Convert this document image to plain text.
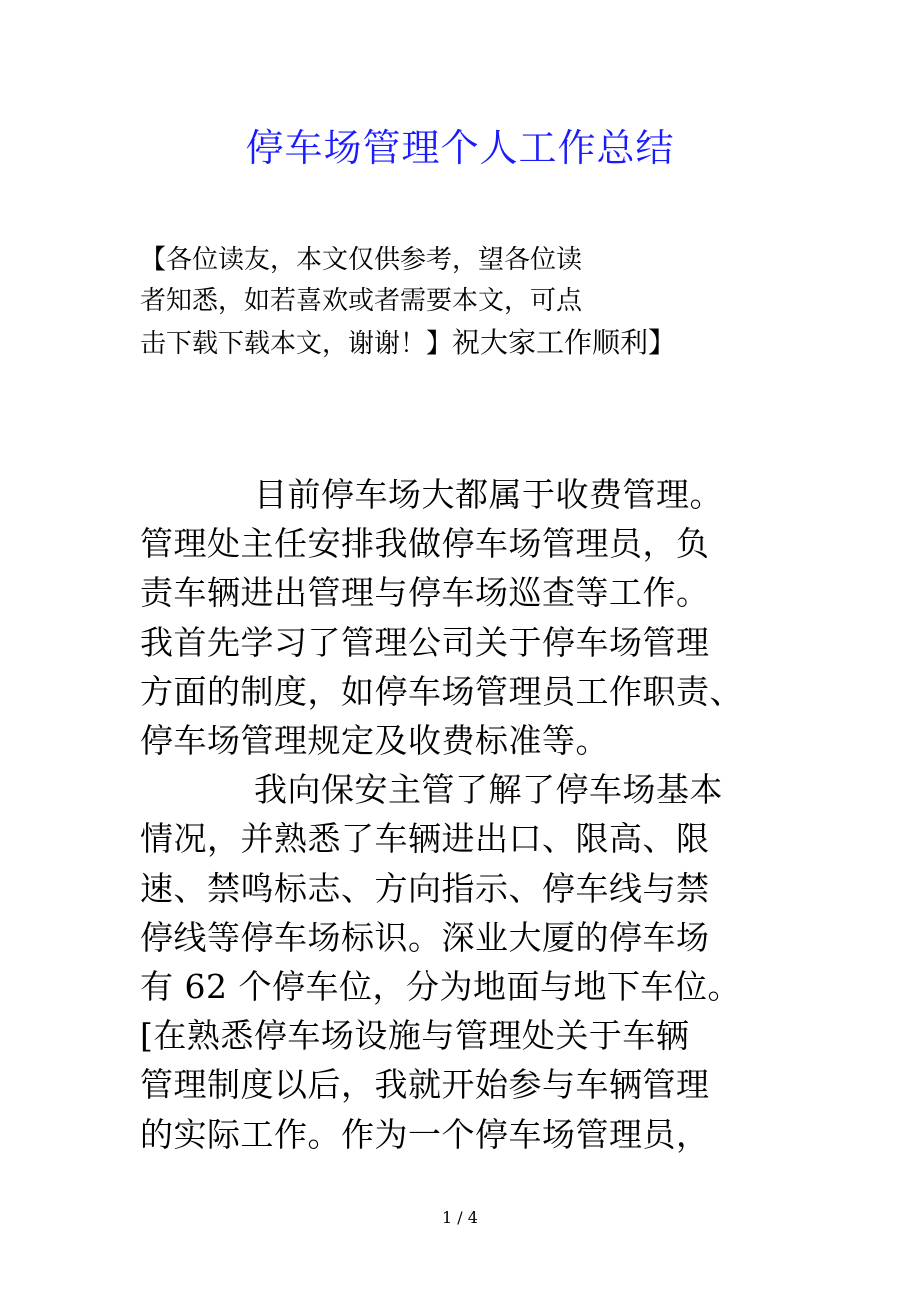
停车场管理个人工作总结
【各位读友，本文仅供参考，望各位读
者知悉，如若喜欢或者需要本文，可点
击下载下载本文，谢谢！】祝大家工作顺利】
目前停车场大都属于收费管理。
管理处主任安排我做停车场管理员，负
责车辆进出管理与停车场巡查等工作。
我首先学习了管理公司关于停车场管理
方面的制度，如停车场管理员工作职责、
停车场管理规定及收费标准等。
我向保安主管了解了停车场基本
情况，并熟悉了车辆进出口、限高、限
速、禁鸣标志、方向指示、停车线与禁
停线等停车场标识。深业大厦的停车场
有 62 个停车位，分为地面与地下车位。
[在熟悉停车场设施与管理处关于车辆
管理制度以后，我就开始参与车辆管理
的实际工作。作为一个停车场管理员，
1 / 4
